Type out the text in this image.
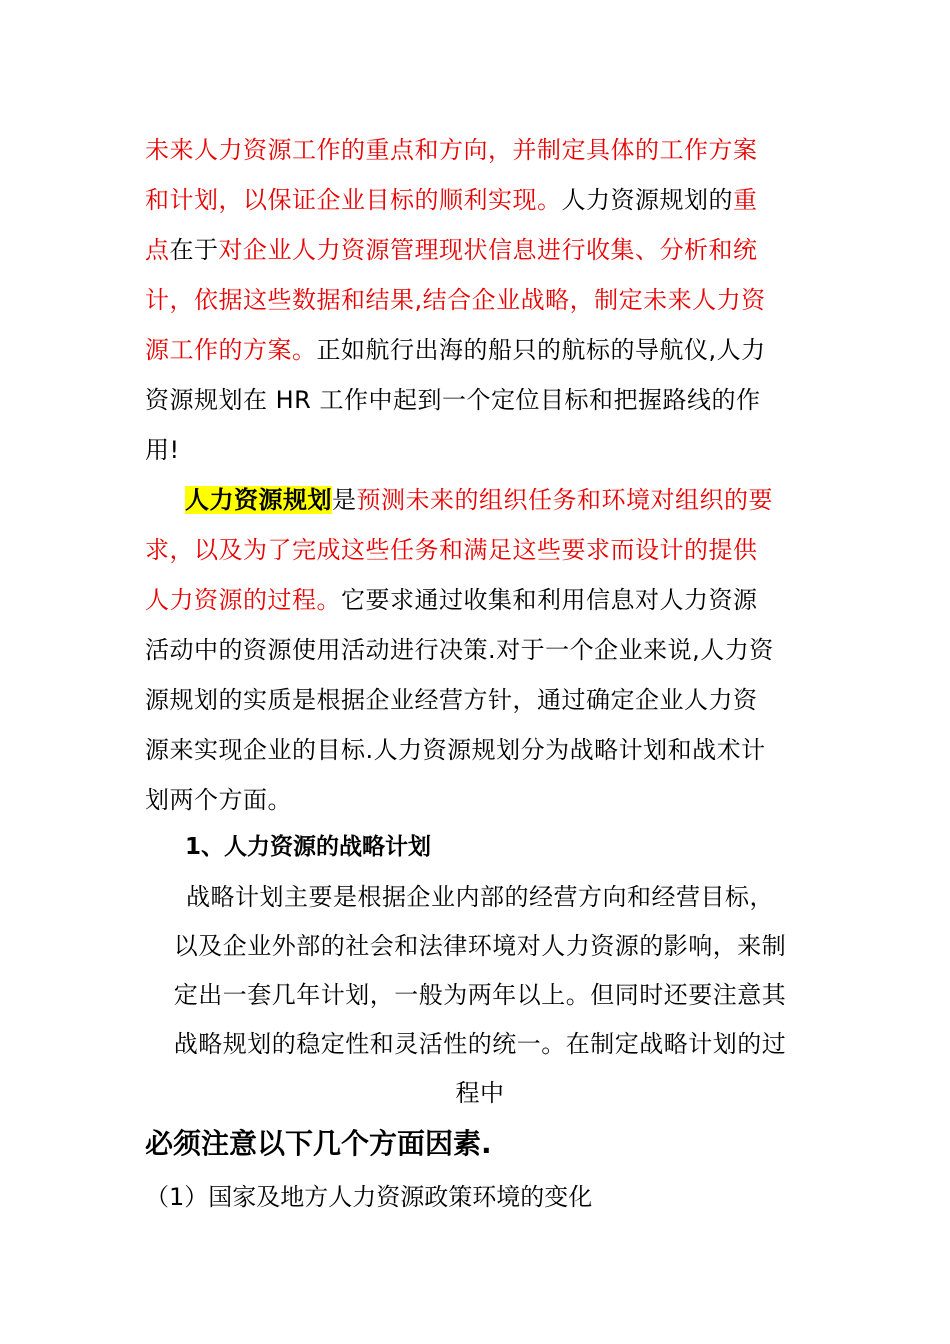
未来人力资源工作的重点和方向，并制定具体的工作方案
和计划，以保证企业目标的顺利实现。人力资源规划的重
点在于对企业人力资源管理现状信息进行收集、分析和统
计，依据这些数据和结果,结合企业战略，制定未来人力资
源工作的方案。正如航行出海的船只的航标的导航仪,人力
资源规划在 HR 工作中起到一个定位目标和把握路线的作
用!
人力资源规划是预测未来的组织任务和环境对组织的要
求，以及为了完成这些任务和满足这些要求而设计的提供
人力资源的过程。它要求通过收集和利用信息对人力资源
活动中的资源使用活动进行决策.对于一个企业来说,人力资
源规划的实质是根据企业经营方针，通过确定企业人力资
源来实现企业的目标.人力资源规划分为战略计划和战术计
划两个方面。
1、人力资源的战略计划
战略计划主要是根据企业内部的经营方向和经营目标，
以及企业外部的社会和法律环境对人力资源的影响，来制
定出一套几年计划，一般为两年以上。但同时还要注意其
战略规划的稳定性和灵活性的统一。在制定战略计划的过
程中
必须注意以下几个方面因素.
（1）国家及地方人力资源政策环境的变化
